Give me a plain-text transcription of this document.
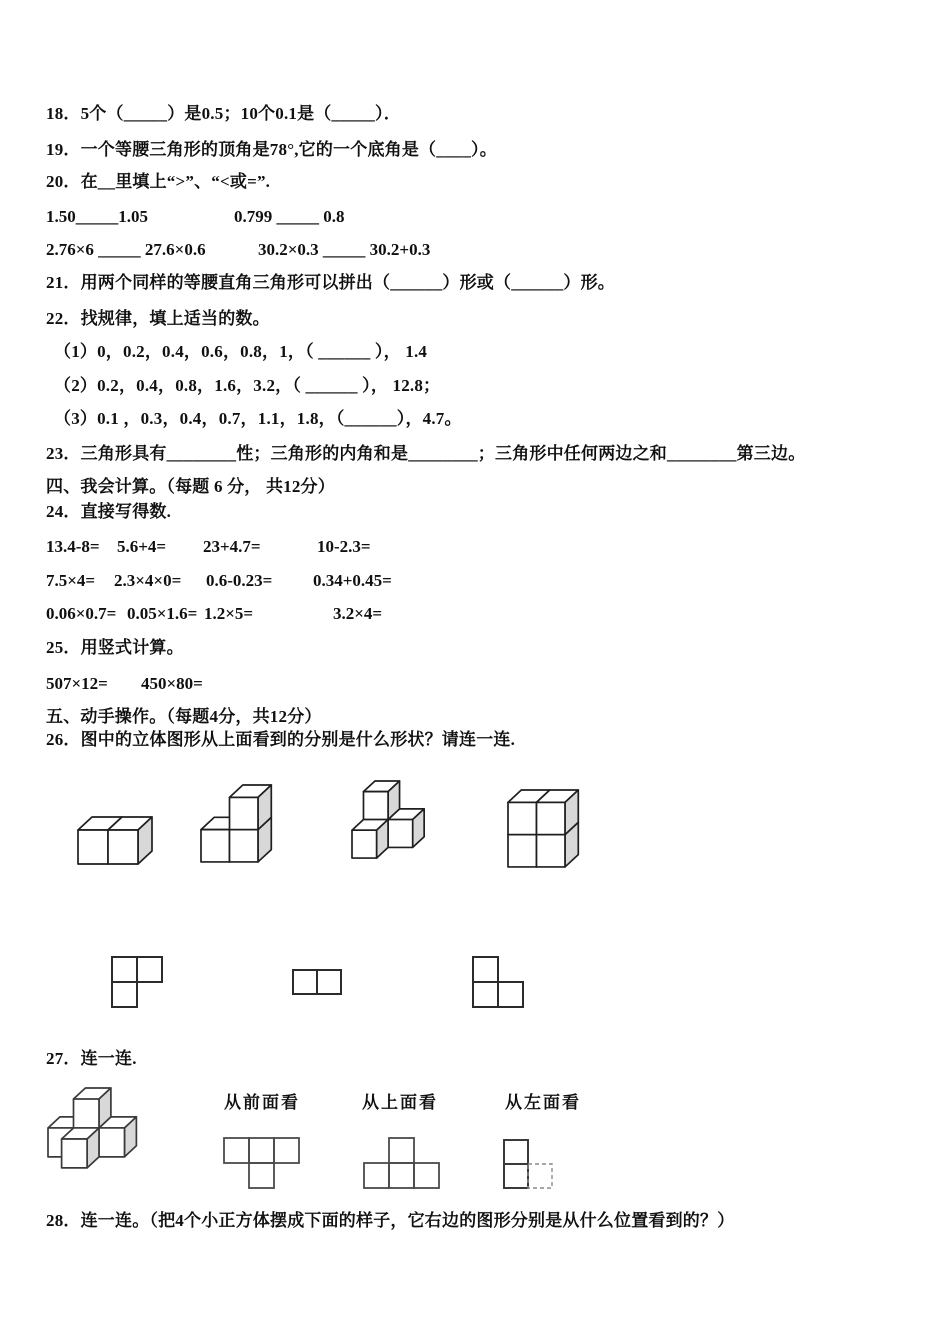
18．5个（_____）是0.5；10个0.1是（_____）．
19．一个等腰三角形的顶角是78°,它的一个底角是（____）。
20．在__里填上“>”、“<或=”.
1.50_____1.05	0.799 _____ 0.8
2.76×6 _____ 27.6×0.6	30.2×0.3 _____ 30.2+0.3
21．用两个同样的等腰直角三角形可以拼出（______）形或（______）形。
22．找规律，填上适当的数。
（1）0，0.2，0.4，0.6，0.8，1，（ ______ ）， 1.4
（2）0.2，0.4，0.8，1.6，3.2，（ ______ ）， 12.8；
（3）0.1 ，0.3，0.4，0.7，1.1，1.8，（______），4.7。
23．三角形具有________性；三角形的内角和是________；三角形中任何两边之和________第三边。
四、我会计算。（每题 6 分， 共12分）
24．直接写得数.
13.4-8= 5.6+4= 23+4.7=	10-2.3=
7.5×4= 2.3×4×0= 0.6-0.23= 0.34+0.45=
0.06×0.7= 0.05×1.6= 1.2×5=	3.2×4=
25．用竖式计算。
507×12= 450×80=
五、动手操作。（每题4分，共12分）
26．图中的立体图形从上面看到的分别是什么形状？请连一连.
27．连一连.
从前面看	从上面看	从左面看
28．连一连。（把4个小正方体摆成下面的样子，它右边的图形分别是从什么位置看到的？）
